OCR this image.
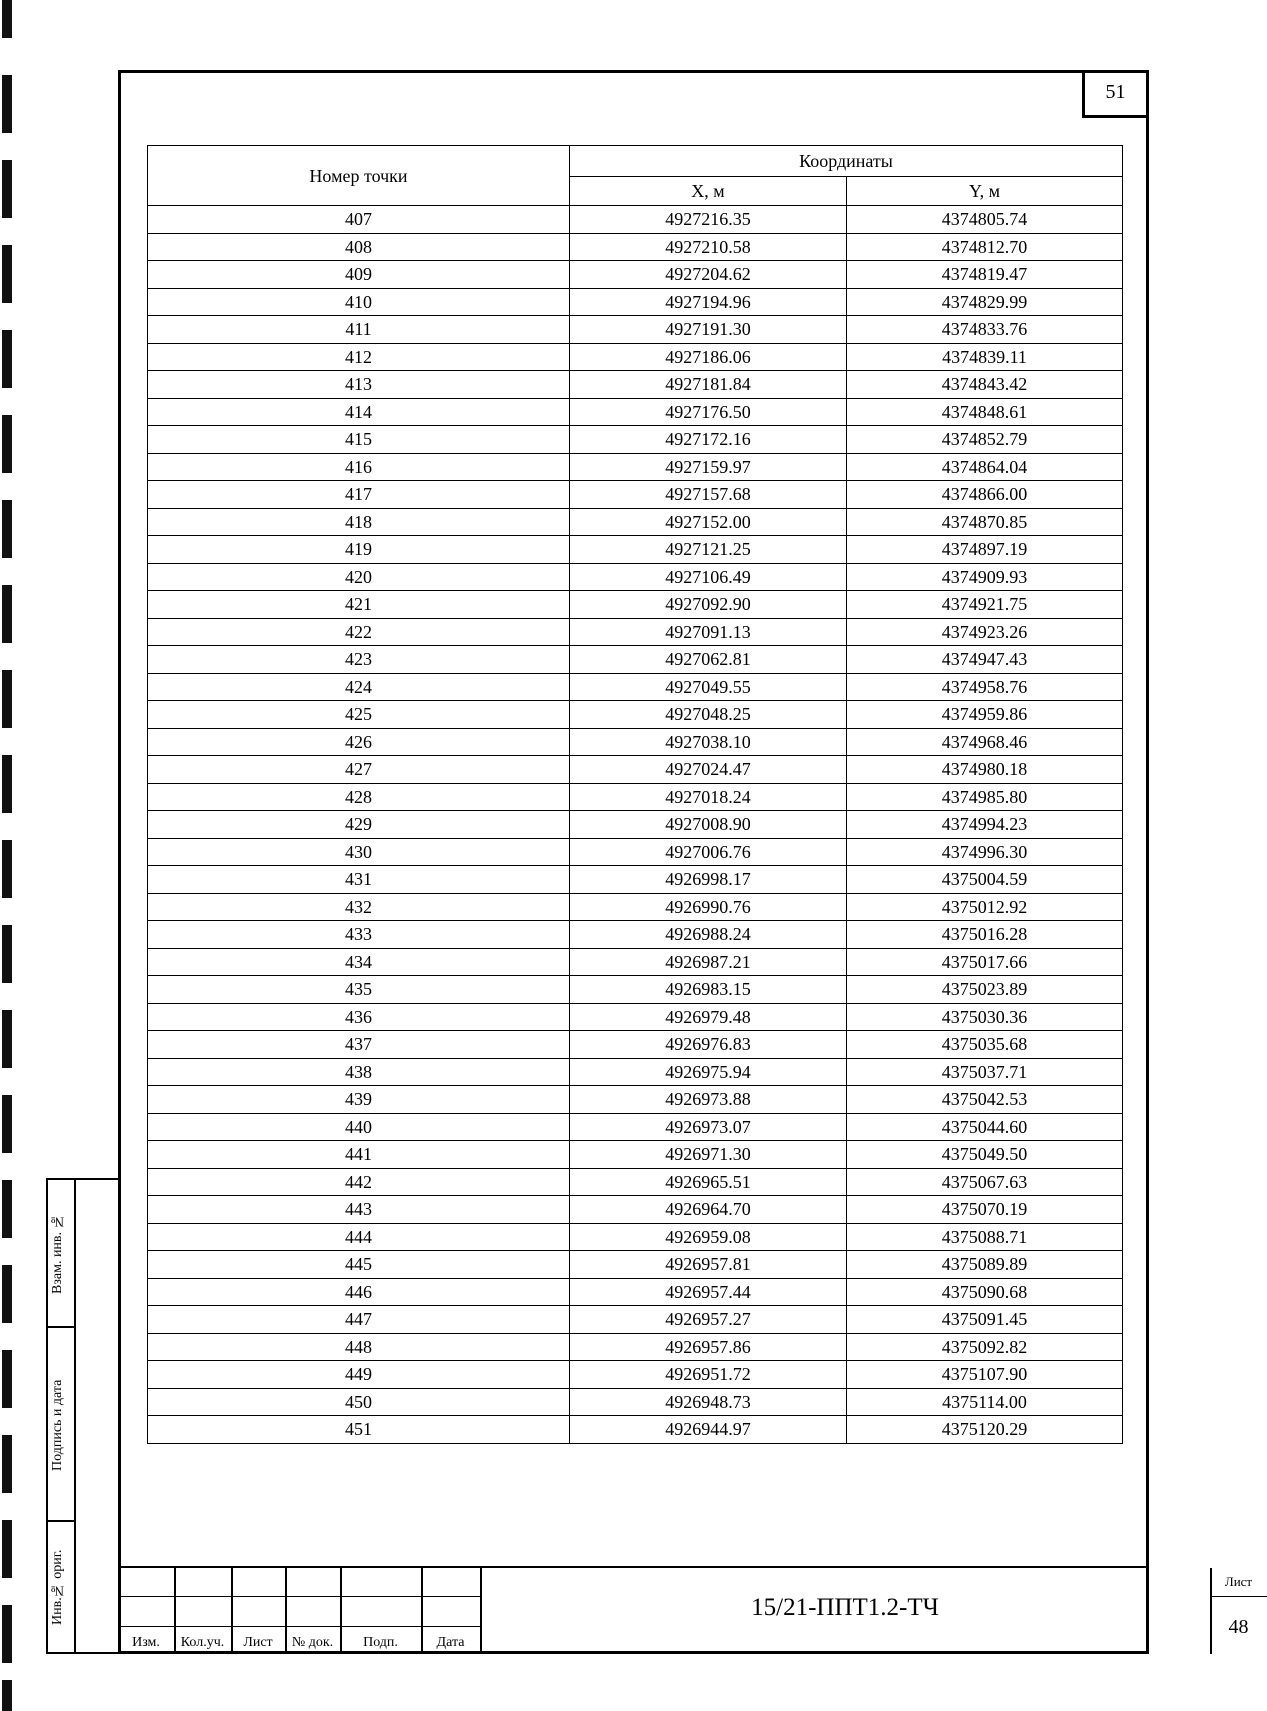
51
Номер точки	Координаты	
	X, м	Y, м
407	4927216.35	4374805.74
408	4927210.58	4374812.70
409	4927204.62	4374819.47
410	4927194.96	4374829.99
411	4927191.30	4374833.76
412	4927186.06	4374839.11
413	4927181.84	4374843.42
414	4927176.50	4374848.61
415	4927172.16	4374852.79
416	4927159.97	4374864.04
417	4927157.68	4374866.00
418	4927152.00	4374870.85
419	4927121.25	4374897.19
420	4927106.49	4374909.93
421	4927092.90	4374921.75
422	4927091.13	4374923.26
423	4927062.81	4374947.43
424	4927049.55	4374958.76
425	4927048.25	4374959.86
426	4927038.10	4374968.46
427	4927024.47	4374980.18
428	4927018.24	4374985.80
429	4927008.90	4374994.23
430	4927006.76	4374996.30
431	4926998.17	4375004.59
432	4926990.76	4375012.92
433	4926988.24	4375016.28
434	4926987.21	4375017.66
435	4926983.15	4375023.89
436	4926979.48	4375030.36
437	4926976.83	4375035.68
438	4926975.94	4375037.71
439	4926973.88	4375042.53
440	4926973.07	4375044.60
441	4926971.30	4375049.50
442	4926965.51	4375067.63
443	4926964.70	4375070.19
444	4926959.08	4375088.71
445	4926957.81	4375089.89
446	4926957.44	4375090.68
447	4926957.27	4375091.45
448	4926957.86	4375092.82
449	4926951.72	4375107.90
450	4926948.73	4375114.00
451	4926944.97	4375120.29
Взам. инв. №
Подпись и дата
Инв.№ ориг.
Изм.	Кол.уч.	Лист	№ док.	Подп.	Дата
15/21-ППТ1.2-ТЧ
Лист
48
